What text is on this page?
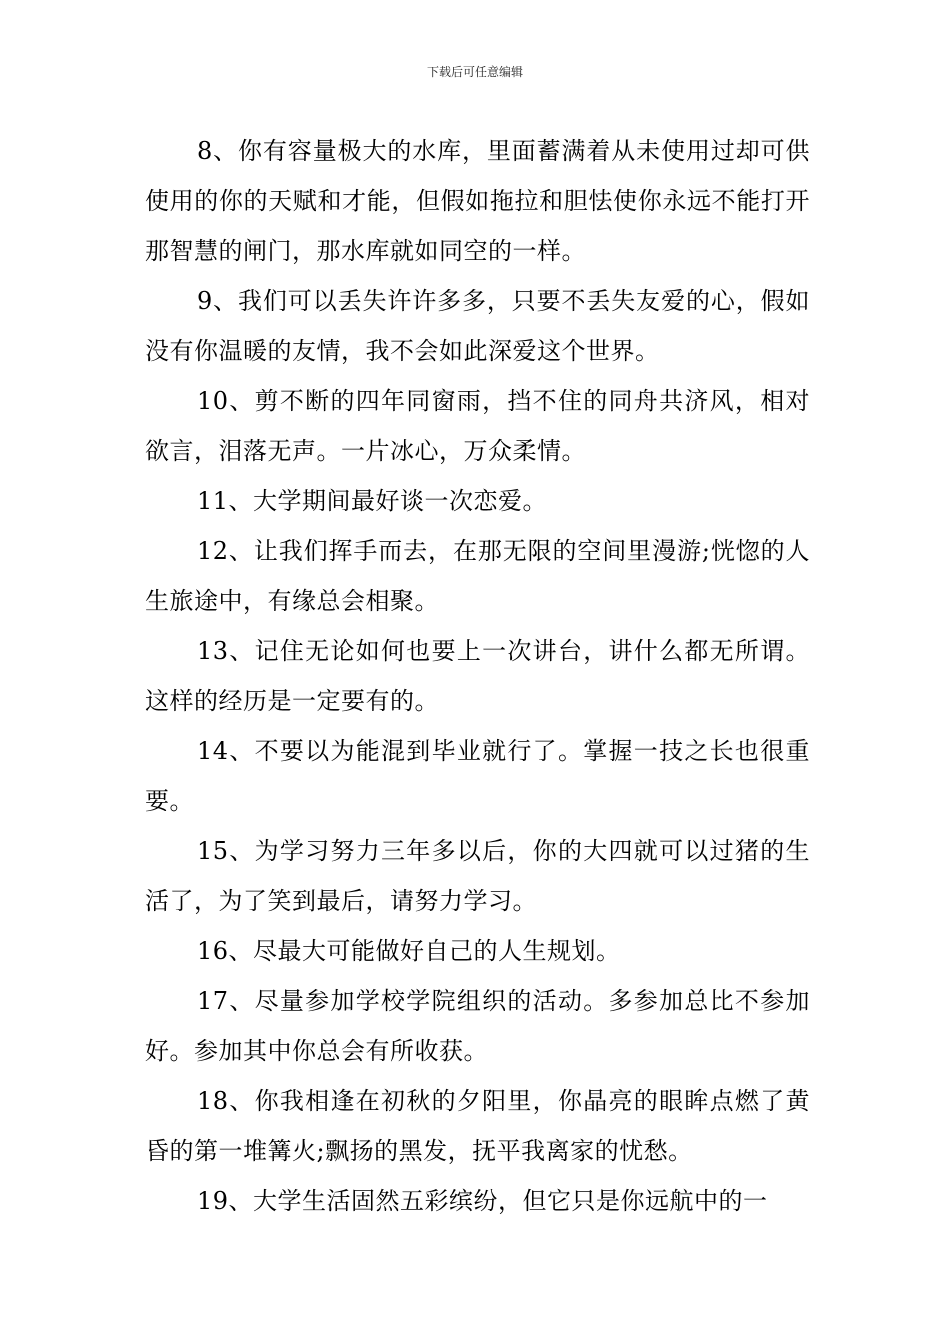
下载后可任意编辑

8、你有容量极大的水库，里面蓄满着从未使用过却可供使用的你的天赋和才能，但假如拖拉和胆怯使你永远不能打开那智慧的闸门，那水库就如同空的一样。

9、我们可以丢失许许多多，只要不丢失友爱的心，假如没有你温暖的友情，我不会如此深爱这个世界。

10、剪不断的四年同窗雨，挡不住的同舟共济风，相对欲言，泪落无声。一片冰心，万众柔情。

11、大学期间最好谈一次恋爱。

12、让我们挥手而去，在那无限的空间里漫游;恍惚的人生旅途中，有缘总会相聚。

13、记住无论如何也要上一次讲台，讲什么都无所谓。这样的经历是一定要有的。

14、不要以为能混到毕业就行了。掌握一技之长也很重要。

15、为学习努力三年多以后，你的大四就可以过猪的生活了，为了笑到最后，请努力学习。

16、尽最大可能做好自己的人生规划。

17、尽量参加学校学院组织的活动。多参加总比不参加好。参加其中你总会有所收获。

18、你我相逢在初秋的夕阳里，你晶亮的眼眸点燃了黄昏的第一堆篝火;飘扬的黑发，抚平我离家的忧愁。

19、大学生活固然五彩缤纷，但它只是你远航中的一
